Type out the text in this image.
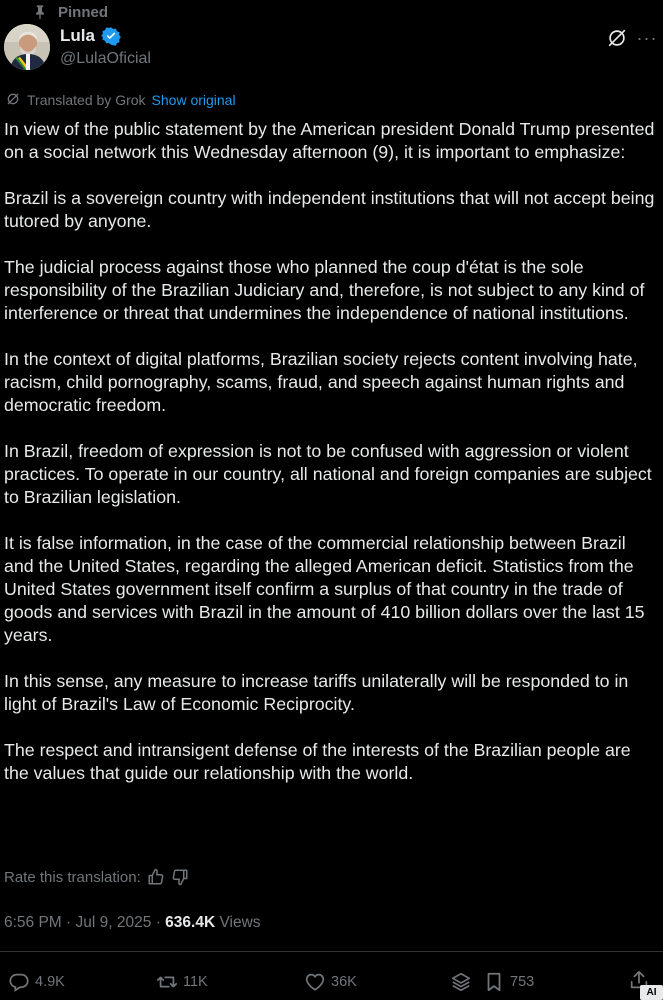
Pinned
Lula
@LulaOficial
···
Translated by Grok Show original

In view of the public statement by the American president Donald Trump presented on a social network this Wednesday afternoon (9), it is important to emphasize:

Brazil is a sovereign country with independent institutions that will not accept being tutored by anyone.

The judicial process against those who planned the coup d'état is the sole responsibility of the Brazilian Judiciary and, therefore, is not subject to any kind of interference or threat that undermines the independence of national institutions.

In the context of digital platforms, Brazilian society rejects content involving hate, racism, child pornography, scams, fraud, and speech against human rights and democratic freedom.

In Brazil, freedom of expression is not to be confused with aggression or violent practices. To operate in our country, all national and foreign companies are subject to Brazilian legislation.

It is false information, in the case of the commercial relationship between Brazil and the United States, regarding the alleged American deficit. Statistics from the United States government itself confirm a surplus of that country in the trade of goods and services with Brazil in the amount of 410 billion dollars over the last 15 years.

In this sense, any measure to increase tariffs unilaterally will be responded to in light of Brazil's Law of Economic Reciprocity.

The respect and intransigent defense of the interests of the Brazilian people are the values that guide our relationship with the world.

Rate this translation:
6:56 PM · Jul 9, 2025 · 636.4K Views
4.9K	11K	36K	753
AI
